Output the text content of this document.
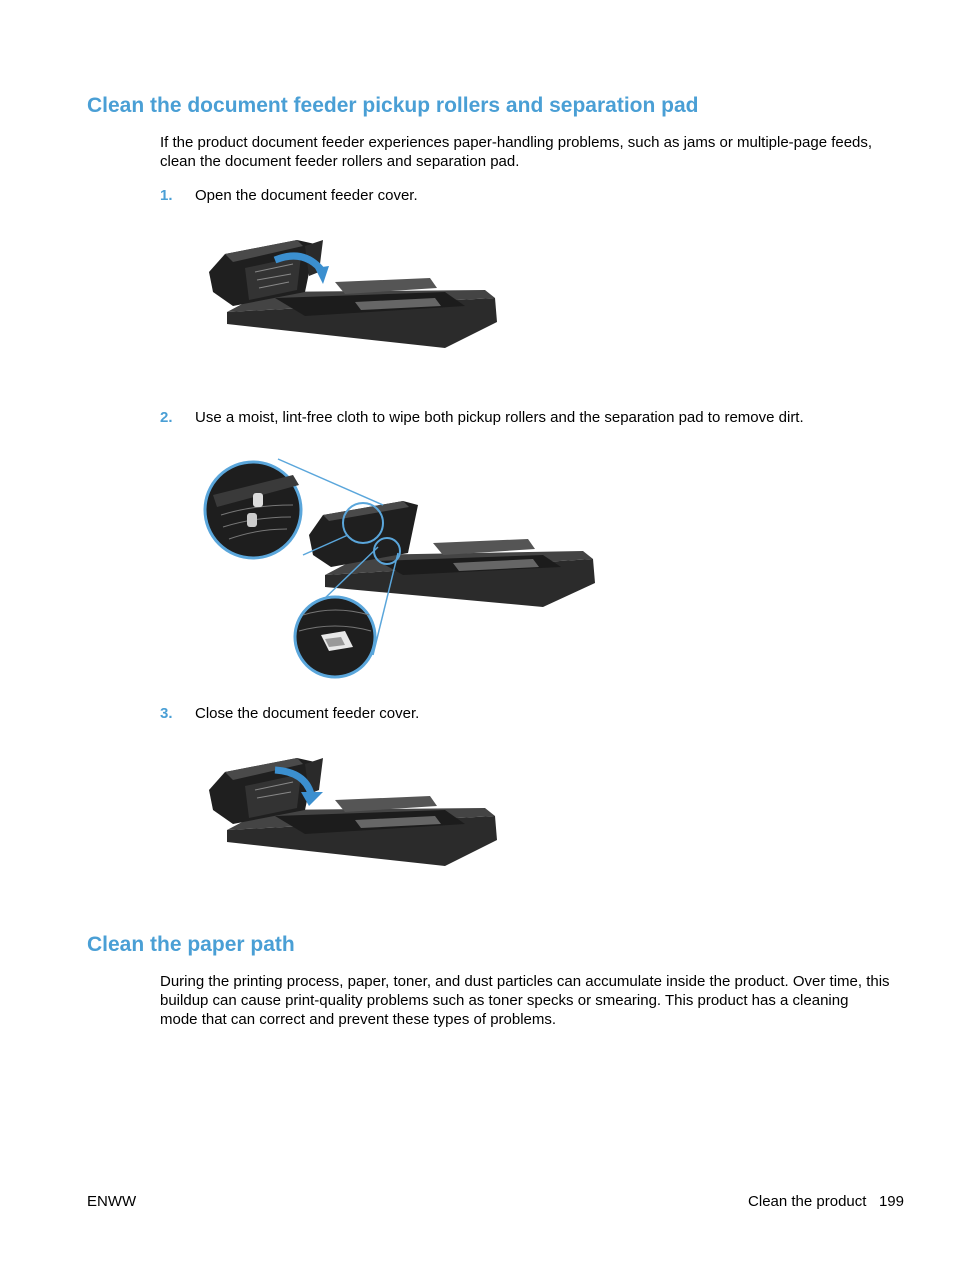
Clean the document feeder pickup rollers and separation pad

If the product document feeder experiences paper-handling problems, such as jams or multiple-page feeds, clean the document feeder rollers and separation pad.

1. Open the document feeder cover.
2. Use a moist, lint-free cloth to wipe both pickup rollers and the separation pad to remove dirt.
3. Close the document feeder cover.
Clean the paper path

During the printing process, paper, toner, and dust particles can accumulate inside the product. Over time, this buildup can cause print-quality problems such as toner specks or smearing. This product has a cleaning mode that can correct and prevent these types of problems.

ENWW	Clean the product 199
